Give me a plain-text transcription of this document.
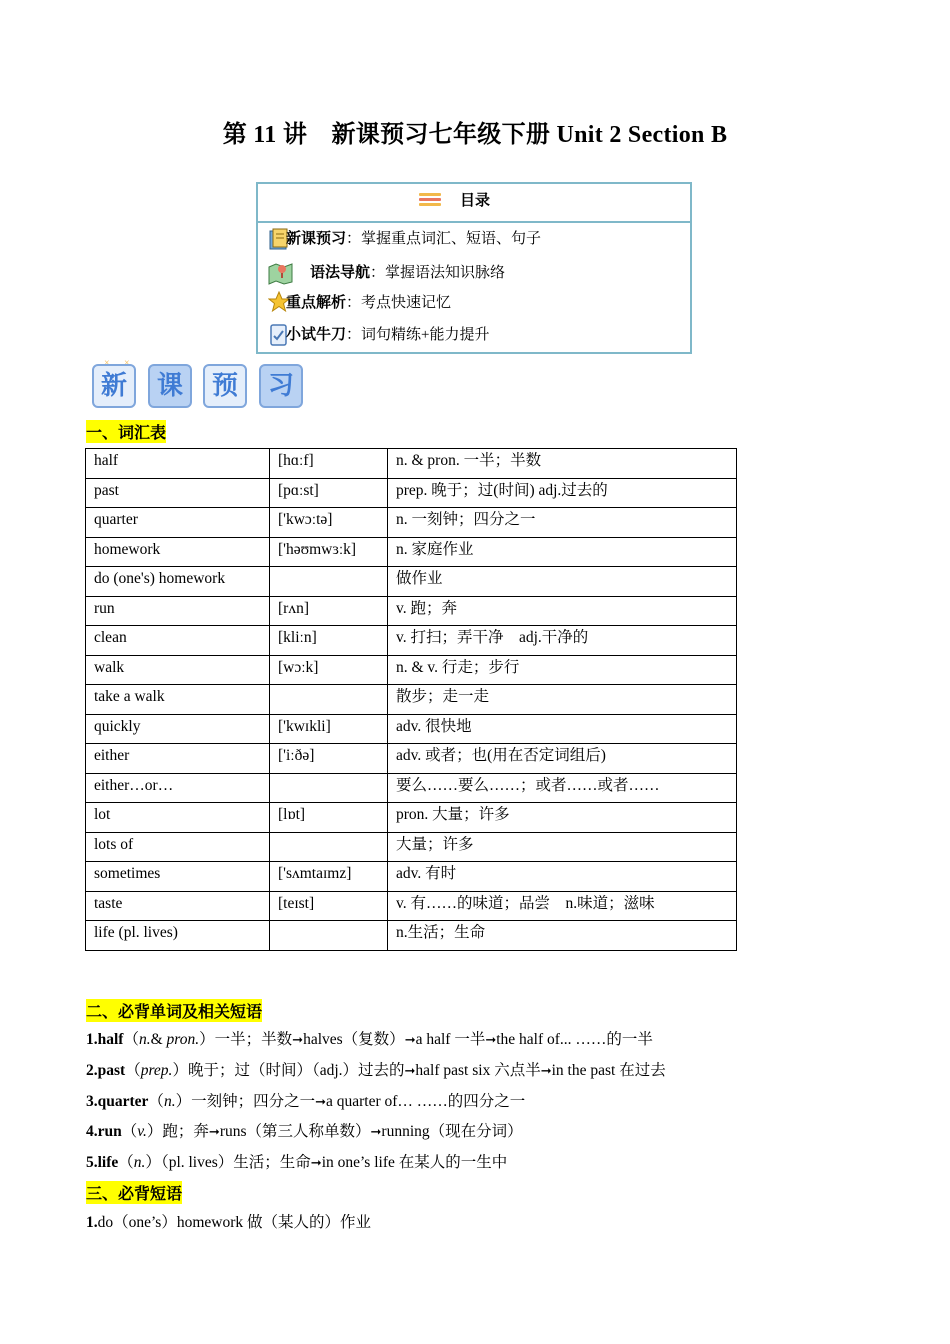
第 11 讲　新课预习七年级下册 Unit 2 Section B
目录
新课预习：掌握重点词汇、短语、句子
语法导航：掌握语法知识脉络
重点解析：考点快速记忆
小试牛刀：词句精练+能力提升
新	课	预	习
一、词汇表
half	[hɑːf]	n. & pron. 一半；半数
past	[pɑːst]	prep. 晚于；过(时间) adj.过去的
quarter	['kwɔːtə]	n. 一刻钟；四分之一
homework	['həʊmwɜːk]	n. 家庭作业
do (one's) homework		做作业
run	[rʌn]	v. 跑；奔
clean	[kliːn]	v. 打扫；弄干净　adj.干净的
walk	[wɔːk]	n. & v. 行走；步行
take a walk		散步；走一走
quickly	['kwɪkli]	adv. 很快地
either	['iːðə]	adv. 或者；也(用在否定词组后)
either…or…		要么……要么……；或者……或者……
lot	[lɒt]	pron. 大量；许多
lots of		大量；许多
sometimes	['sʌmtaɪmz]	adv. 有时
taste	[teɪst]	v. 有……的味道；品尝　n.味道；滋味
life (pl. lives)		n.生活；生命
二、必背单词及相关短语
1.half（n.& pron.）一半；半数➞halves（复数）➞a half 一半➞the half of... ……的一半
2.past（prep.）晚于；过（时间）（adj.）过去的➞half past six 六点半➞in the past 在过去
3.quarter（n.）一刻钟；四分之一➞a quarter of… ……的四分之一
4.run（v.）跑；奔➞runs（第三人称单数）➞running（现在分词）
5.life（n.）（pl. lives）生活；生命➞in one’s life 在某人的一生中
三、必背短语
1.do（one’s）homework 做（某人的）作业
